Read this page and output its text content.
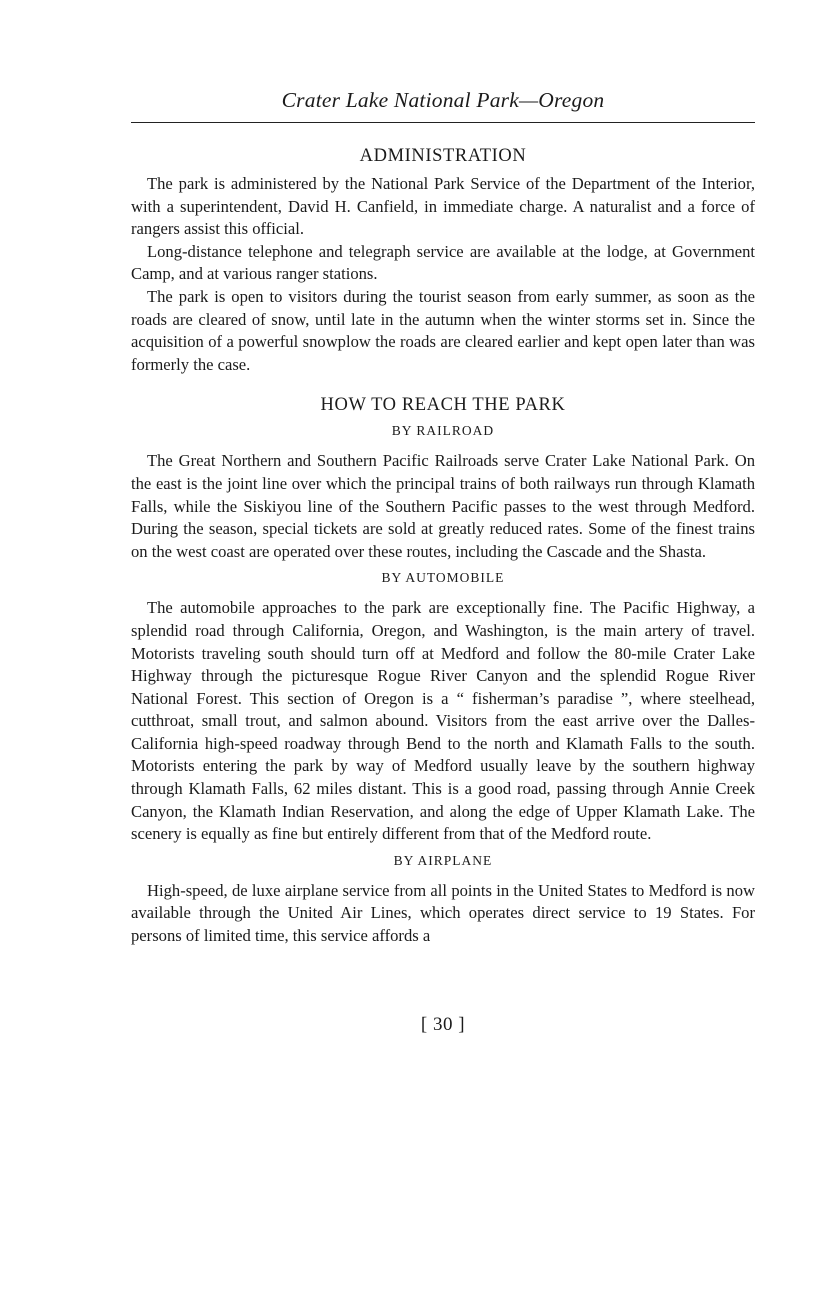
Crater Lake National Park—Oregon
ADMINISTRATION

The park is administered by the National Park Service of the Department of the Interior, with a superintendent, David H. Canfield, in immediate charge. A naturalist and a force of rangers assist this official.

Long-distance telephone and telegraph service are available at the lodge, at Government Camp, and at various ranger stations.

The park is open to visitors during the tourist season from early summer, as soon as the roads are cleared of snow, until late in the autumn when the winter storms set in. Since the acquisition of a powerful snowplow the roads are cleared earlier and kept open later than was formerly the case.

HOW TO REACH THE PARK
BY RAILROAD

The Great Northern and Southern Pacific Railroads serve Crater Lake National Park. On the east is the joint line over which the principal trains of both railways run through Klamath Falls, while the Siskiyou line of the Southern Pacific passes to the west through Medford. During the season, special tickets are sold at greatly reduced rates. Some of the finest trains on the west coast are operated over these routes, including the Cascade and the Shasta.

BY AUTOMOBILE

The automobile approaches to the park are exceptionally fine. The Pacific Highway, a splendid road through California, Oregon, and Washington, is the main artery of travel. Motorists traveling south should turn off at Medford and follow the 80-mile Crater Lake Highway through the picturesque Rogue River Canyon and the splendid Rogue River National Forest. This section of Oregon is a “ fisherman’s paradise ”, where steelhead, cutthroat, small trout, and salmon abound. Visitors from the east arrive over the Dalles-California high-speed roadway through Bend to the north and Klamath Falls to the south. Motorists entering the park by way of Medford usually leave by the southern highway through Klamath Falls, 62 miles distant. This is a good road, passing through Annie Creek Canyon, the Klamath Indian Reservation, and along the edge of Upper Klamath Lake. The scenery is equally as fine but entirely different from that of the Medford route.

BY AIRPLANE

High-speed, de luxe airplane service from all points in the United States to Medford is now available through the United Air Lines, which operates direct service to 19 States. For persons of limited time, this service affords a

[ 30 ]
